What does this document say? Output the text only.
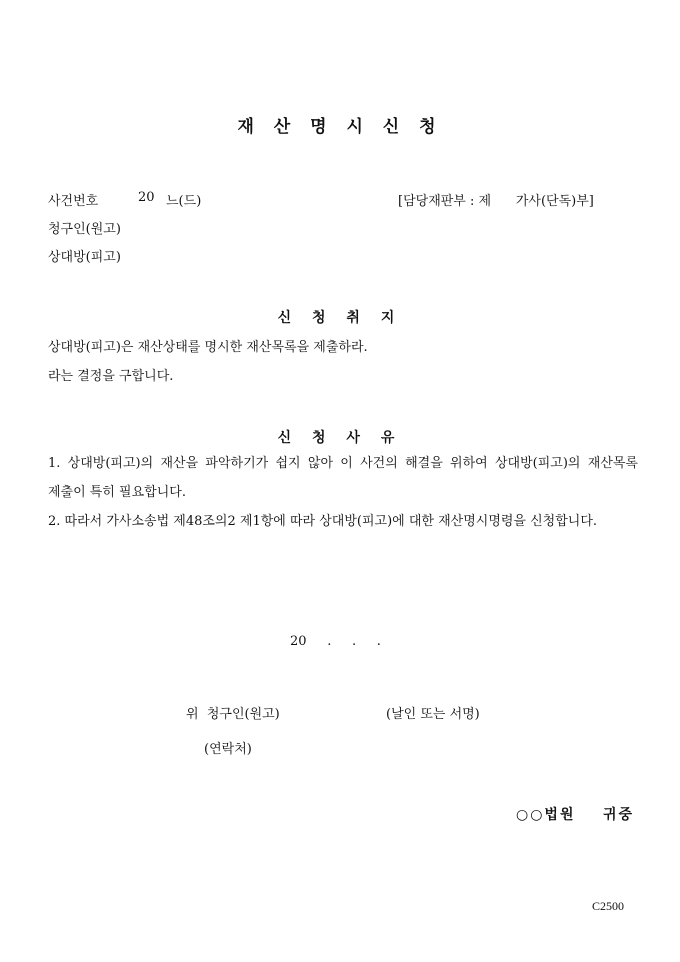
재 산 명 시 신 청
사건번호	20 느(드)	[담당재판부 : 제      가사(단독)부]
청구인(원고)
상대방(피고)
신 청 취 지
상대방(피고)은 재산상태를 명시한 재산목록을 제출하라.
라는 결정을 구합니다.
신 청 사 유
1. 상대방(피고)의 재산을 파악하기가 쉽지 않아 이 사건의 해결을 위하여 상대방(피고)의 재산목록 제출이 특히 필요합니다.
2. 따라서 가사소송법 제48조의2 제1항에 따라 상대방(피고)에 대한 재산명시명령을 신청합니다.
20     .     .     .
위  청구인(원고)	(날인 또는 서명)
(연락처)
○○법원    귀중
C2500
